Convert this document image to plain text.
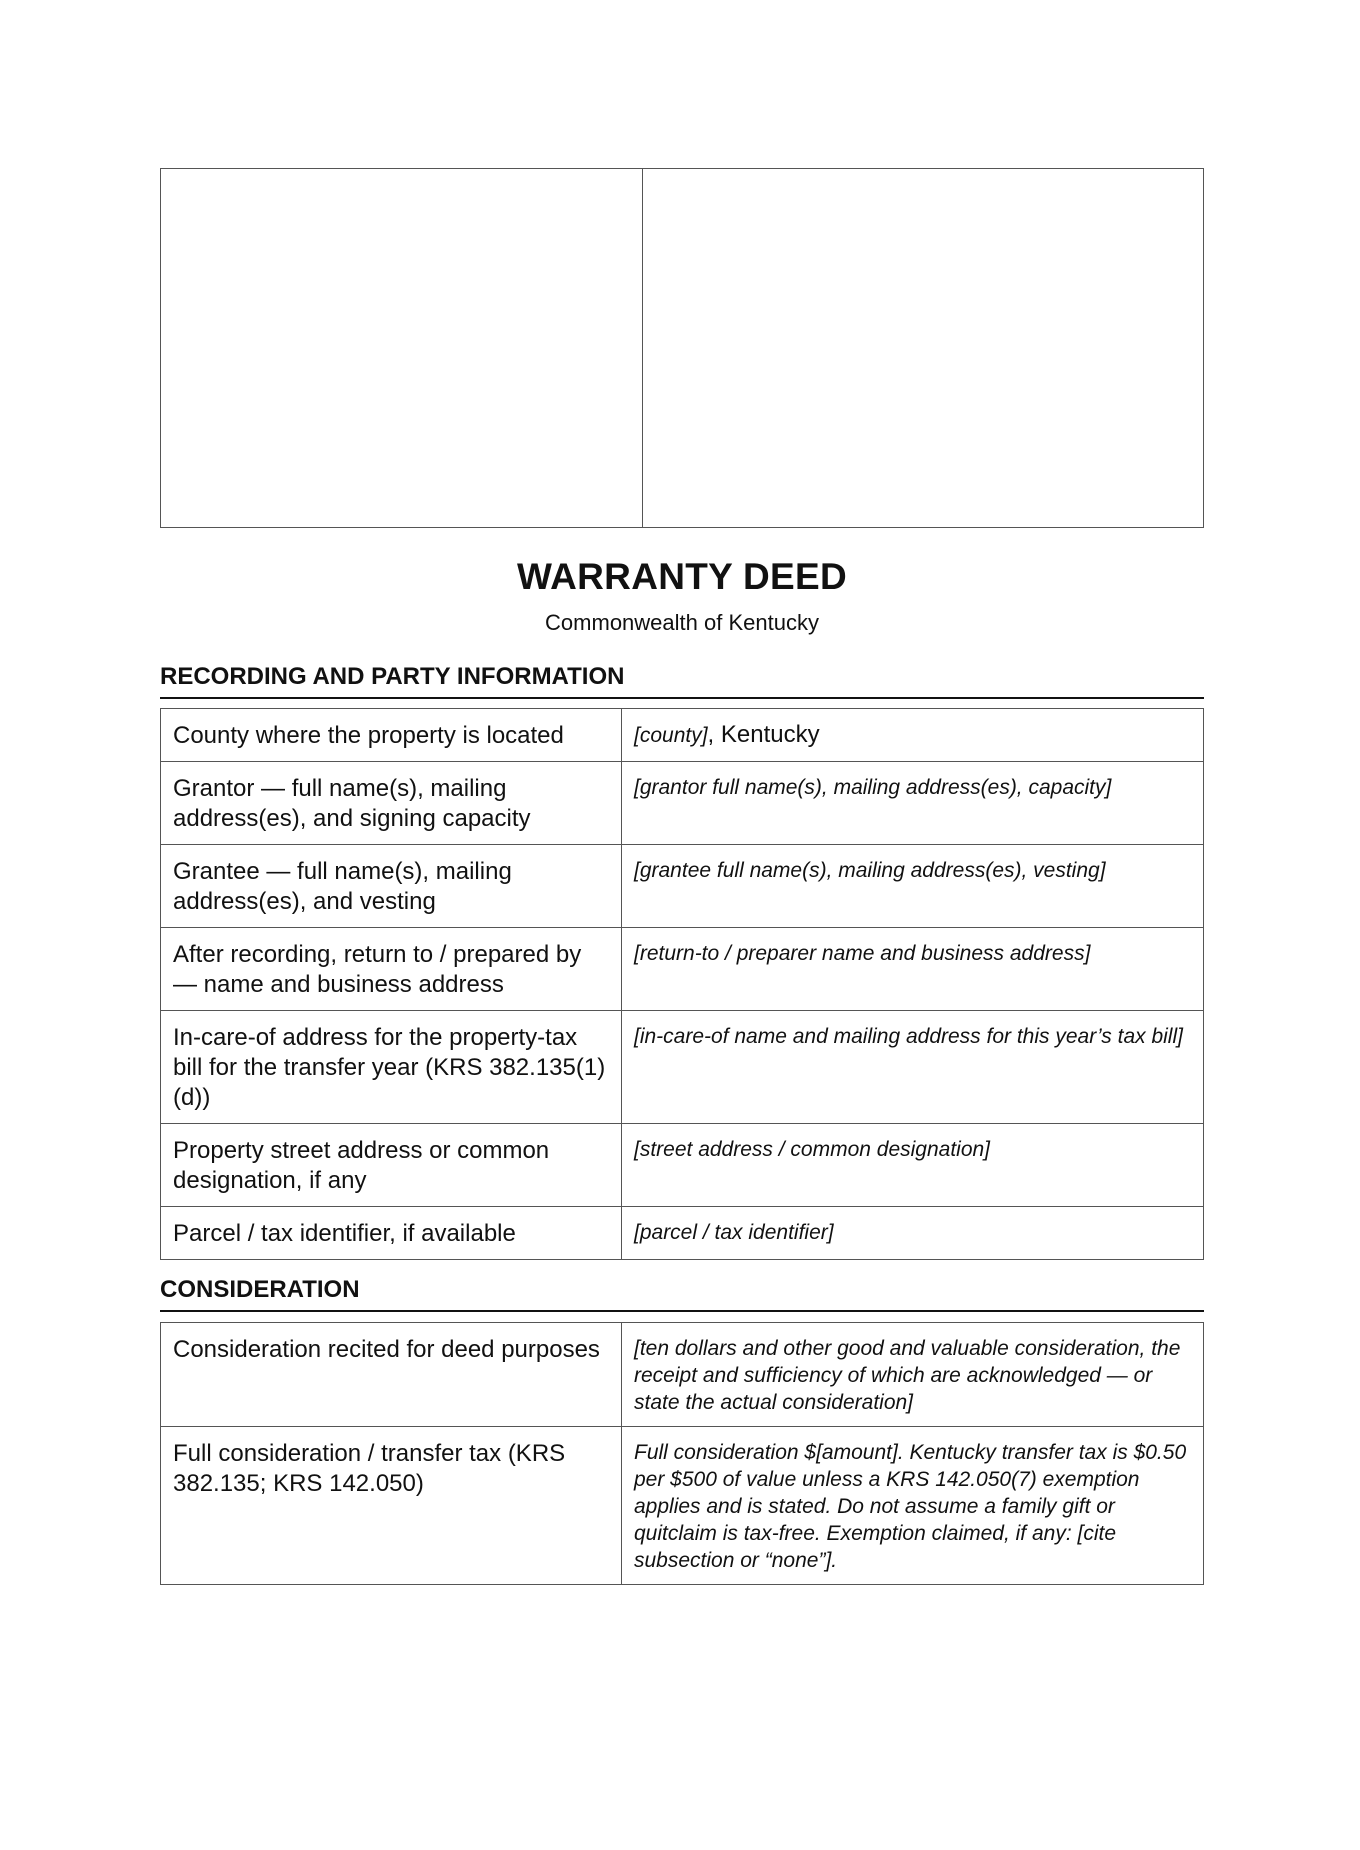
WARRANTY DEED
Commonwealth of Kentucky
RECORDING AND PARTY INFORMATION
County where the property is located	[county], Kentucky
Grantor — full name(s), mailing address(es), and signing capacity	[grantor full name(s), mailing address(es), capacity]
Grantee — full name(s), mailing address(es), and vesting	[grantee full name(s), mailing address(es), vesting]
After recording, return to / prepared by — name and business address	[return-to / preparer name and business address]
In-care-of address for the property-tax bill for the transfer year (KRS 382.135(1)(d))	[in-care-of name and mailing address for this year’s tax bill]
Property street address or common designation, if any	[street address / common designation]
Parcel / tax identifier, if available	[parcel / tax identifier]
CONSIDERATION
Consideration recited for deed purposes	[ten dollars and other good and valuable consideration, the receipt and sufficiency of which are acknowledged — or state the actual consideration]
Full consideration / transfer tax (KRS 382.135; KRS 142.050)	Full consideration $[amount]. Kentucky transfer tax is $0.50 per $500 of value unless a KRS 142.050(7) exemption applies and is stated. Do not assume a family gift or quitclaim is tax-free. Exemption claimed, if any: [cite subsection or “none”].
